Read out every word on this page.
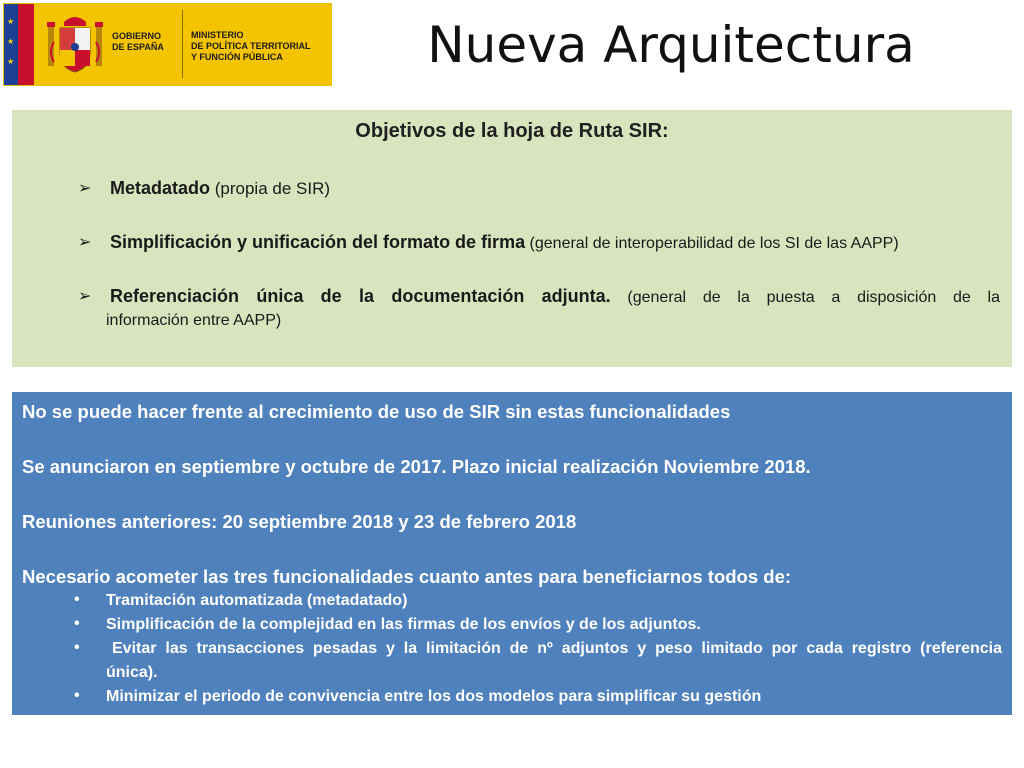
★
★
★
GOBIERNO
DE ESPAÑA
MINISTERIO
DE POLÍTICA TERRITORIAL
Y FUNCIÓN PÚBLICA	Nueva Arquitectura
Objetivos de la hoja de Ruta SIR:
➢ Metadatado (propia de SIR)
➢ Simplificación y unificación del formato de firma (general de interoperabilidad de los SI de las AAPP)
➢ Referenciación única de la documentación adjunta. (general de la puesta a disposición de la
información entre AAPP)
No se puede hacer frente al crecimiento de uso de SIR sin estas funcionalidades
Se anunciaron en septiembre y octubre de 2017. Plazo inicial realización Noviembre 2018.
Reuniones anteriores: 20 septiembre 2018 y 23 de febrero 2018
Necesario acometer las tres funcionalidades cuanto antes para beneficiarnos todos de:
• Tramitación automatizada (metadatado)
• Simplificación de la complejidad en las firmas de los envíos y de los adjuntos.
• Evitar las transacciones pesadas y la limitación de nº adjuntos y peso limitado por cada registro (referencia
única).
• Minimizar el periodo de convivencia entre los dos modelos para simplificar su gestión
